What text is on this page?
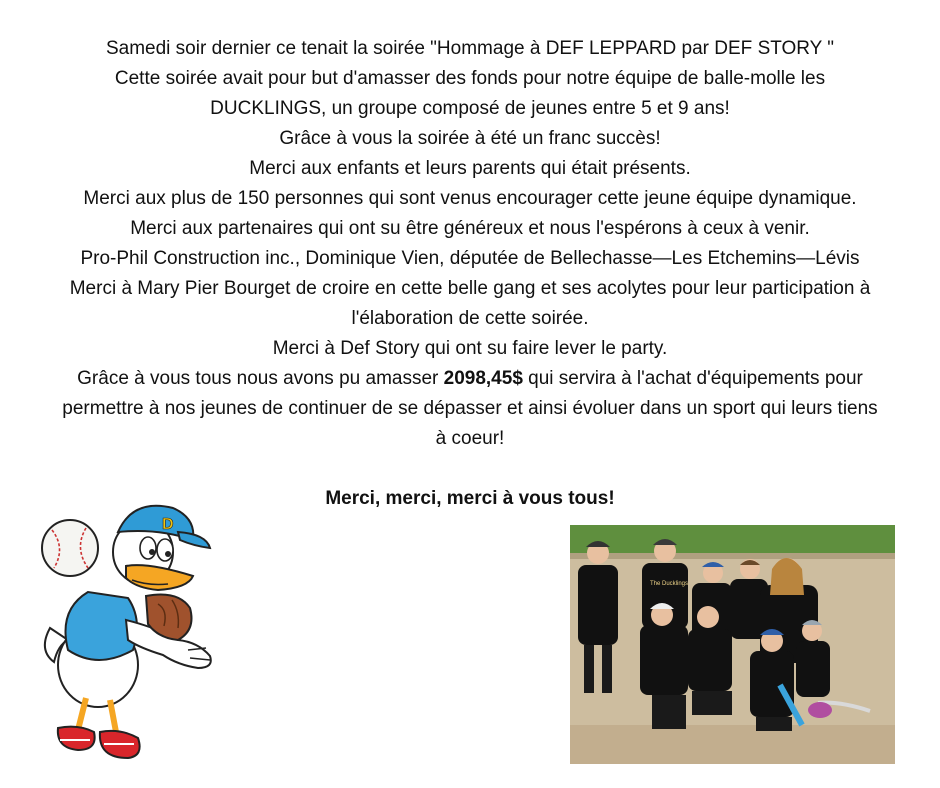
Samedi soir dernier ce tenait la soirée "Hommage à DEF LEPPARD par DEF STORY "

Cette soirée avait pour but d'amasser des fonds pour notre équipe de balle-molle les

DUCKLINGS, un groupe composé de jeunes entre 5 et 9 ans!

Grâce à vous la soirée à été un franc succès!

Merci aux enfants et leurs parents qui était présents.

Merci aux plus de 150 personnes qui sont venus encourager cette jeune équipe dynamique.

Merci aux partenaires qui ont su être généreux et nous l'espérons à ceux à venir.

Pro-Phil Construction inc., Dominique Vien, députée de Bellechasse—Les Etchemins—Lévis

Merci à Mary Pier Bourget de croire en cette belle gang et ses acolytes pour leur participation à

l'élaboration de cette soirée.

Merci à Def Story qui ont su faire lever le party.

Grâce à vous tous nous avons pu amasser 2098,45$ qui servira à l'achat d'équipements pour

permettre à nos jeunes de continuer de se dépasser et ainsi évoluer dans un sport qui leurs tiens

à coeur!

Merci, merci, merci à vous tous!
D
The Ducklings
